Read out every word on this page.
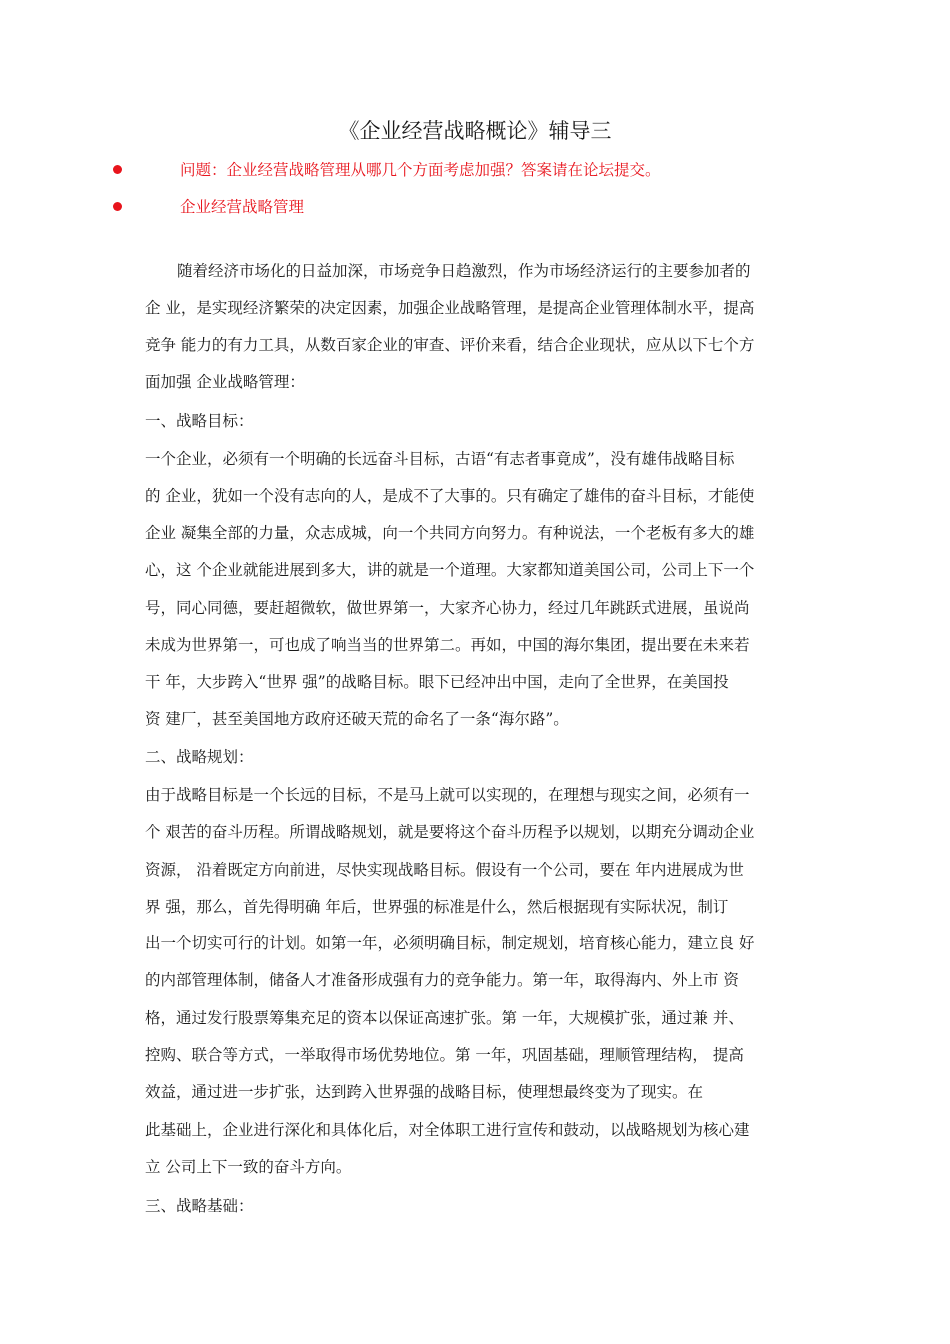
《企业经营战略概论》辅导三
问题：企业经营战略管理从哪几个方面考虑加强？答案请在论坛提交。
企业经营战略管理
随着经济市场化的日益加深，市场竞争日趋激烈，作为市场经济运行的主要参加者的
企 业，是实现经济繁荣的决定因素，加强企业战略管理，是提高企业管理体制水平，提高
竞争 能力的有力工具，从数百家企业的审查、评价来看，结合企业现状，应从以下七个方
面加强 企业战略管理：
一、战略目标：
一个企业，必须有一个明确的长远奋斗目标，古语“有志者事竟成”，没有雄伟战略目标
的 企业，犹如一个没有志向的人，是成不了大事的。只有确定了雄伟的奋斗目标，才能使
企业 凝集全部的力量，众志成城，向一个共同方向努力。有种说法，一个老板有多大的雄
心，这 个企业就能进展到多大，讲的就是一个道理。大家都知道美国公司，公司上下一个
号，同心同德，要赶超微软，做世界第一，大家齐心协力，经过几年跳跃式进展，虽说尚
未成为世界第一，可也成了响当当的世界第二。再如，中国的海尔集团，提出要在未来若
干 年，大步跨入“世界 强”的战略目标。眼下已经冲出中国，走向了全世界，在美国投
资 建厂，甚至美国地方政府还破天荒的命名了一条“海尔路”。
二、战略规划：
由于战略目标是一个长远的目标，不是马上就可以实现的，在理想与现实之间，必须有一
个 艰苦的奋斗历程。所谓战略规划，就是要将这个奋斗历程予以规划，以期充分调动企业
资源， 沿着既定方向前进，尽快实现战略目标。假设有一个公司，要在 年内进展成为世
界 强，那么，首先得明确 年后，世界强的标准是什么，然后根据现有实际状况，制订
出一个切实可行的计划。如第一年，必须明确目标，制定规划，培育核心能力，建立良 好
的内部管理体制，储备人才准备形成强有力的竞争能力。第一年，取得海内、外上市 资
格，通过发行股票筹集充足的资本以保证高速扩张。第 一年，大规模扩张，通过兼 并、
控购、联合等方式，一举取得市场优势地位。第 一年，巩固基础，理顺管理结构， 提高
效益，通过进一步扩张，达到跨入世界强的战略目标，使理想最终变为了现实。在
此基础上，企业进行深化和具体化后，对全体职工进行宣传和鼓动，以战略规划为核心建
立 公司上下一致的奋斗方向。
三、战略基础：
